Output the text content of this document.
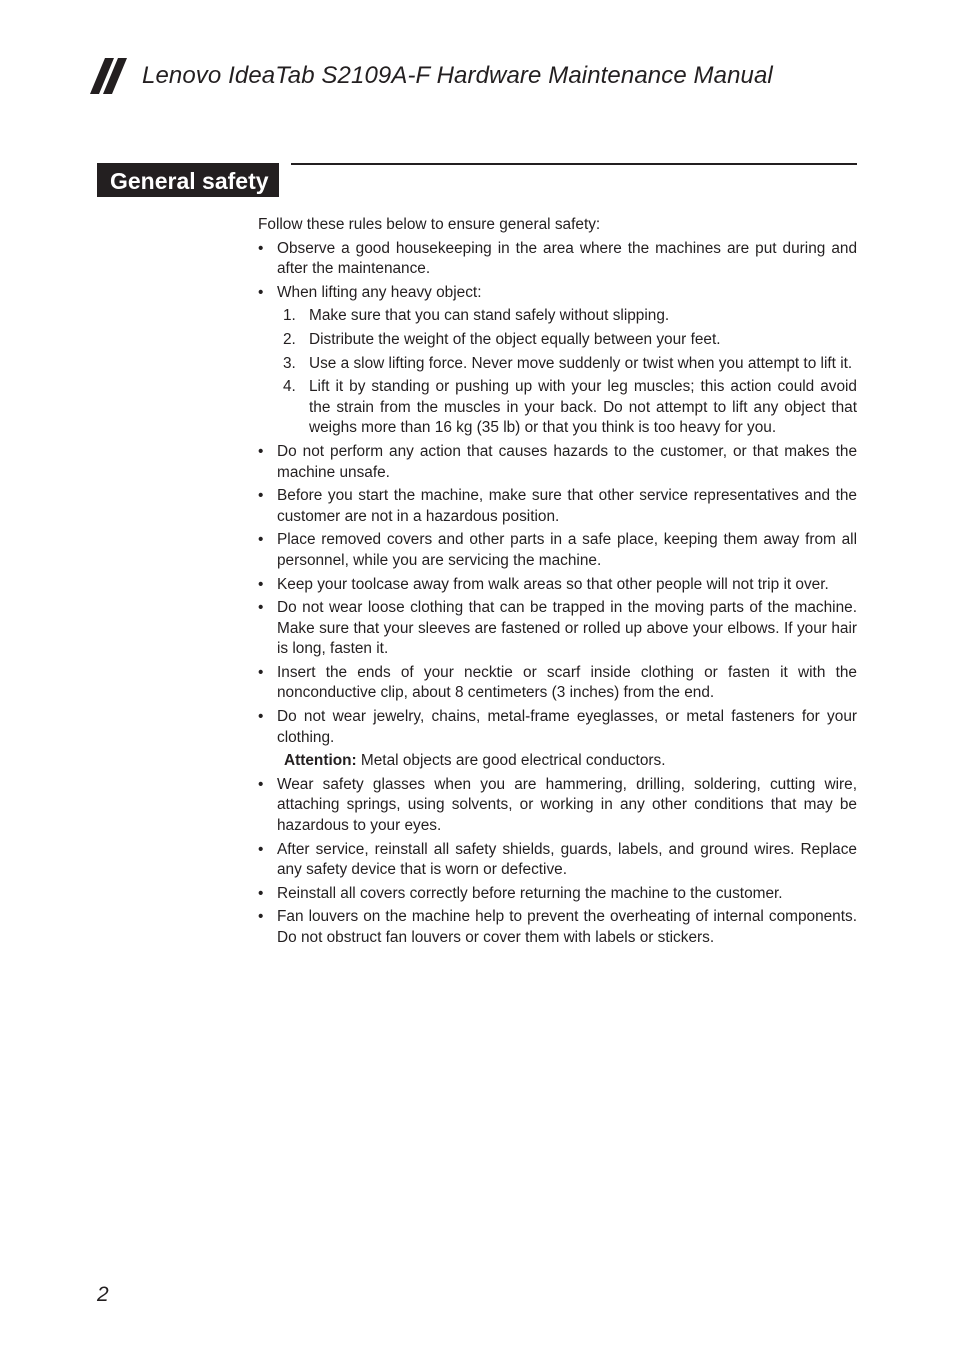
Lenovo IdeaTab S2109A-F Hardware Maintenance Manual
General safety

Follow these rules below to ensure general safety:

• Observe a good housekeeping in the area where the machines are put during and after the maintenance.
• When lifting any heavy object:
1. Make sure that you can stand safely without slipping.
2. Distribute the weight of the object equally between your feet.
3. Use a slow lifting force. Never move suddenly or twist when you attempt to lift it.
4. Lift it by standing or pushing up with your leg muscles; this action could avoid the strain from the muscles in your back. Do not attempt to lift any object that weighs more than 16 kg (35 lb) or that you think is too heavy for you.
• Do not perform any action that causes hazards to the customer, or that makes the machine unsafe.
• Before you start the machine, make sure that other service representatives and the customer are not in a hazardous position.
• Place removed covers and other parts in a safe place, keeping them away from all personnel, while you are servicing the machine.
• Keep your toolcase away from walk areas so that other people will not trip it over.
• Do not wear loose clothing that can be trapped in the moving parts of the machine. Make sure that your sleeves are fastened or rolled up above your elbows. If your hair is long, fasten it.
• Insert the ends of your necktie or scarf inside clothing or fasten it with the nonconductive clip, about 8 centimeters (3 inches) from the end.
• Do not wear jewelry, chains, metal-frame eyeglasses, or metal fasteners for your clothing.
Attention: Metal objects are good electrical conductors.
• Wear safety glasses when you are hammering, drilling, soldering, cutting wire, attaching springs, using solvents, or working in any other conditions that may be hazardous to your eyes.
• After service, reinstall all safety shields, guards, labels, and ground wires. Replace any safety device that is worn or defective.
• Reinstall all covers correctly before returning the machine to the customer.
• Fan louvers on the machine help to prevent the overheating of internal components. Do not obstruct fan louvers or cover them with labels or stickers.
2
